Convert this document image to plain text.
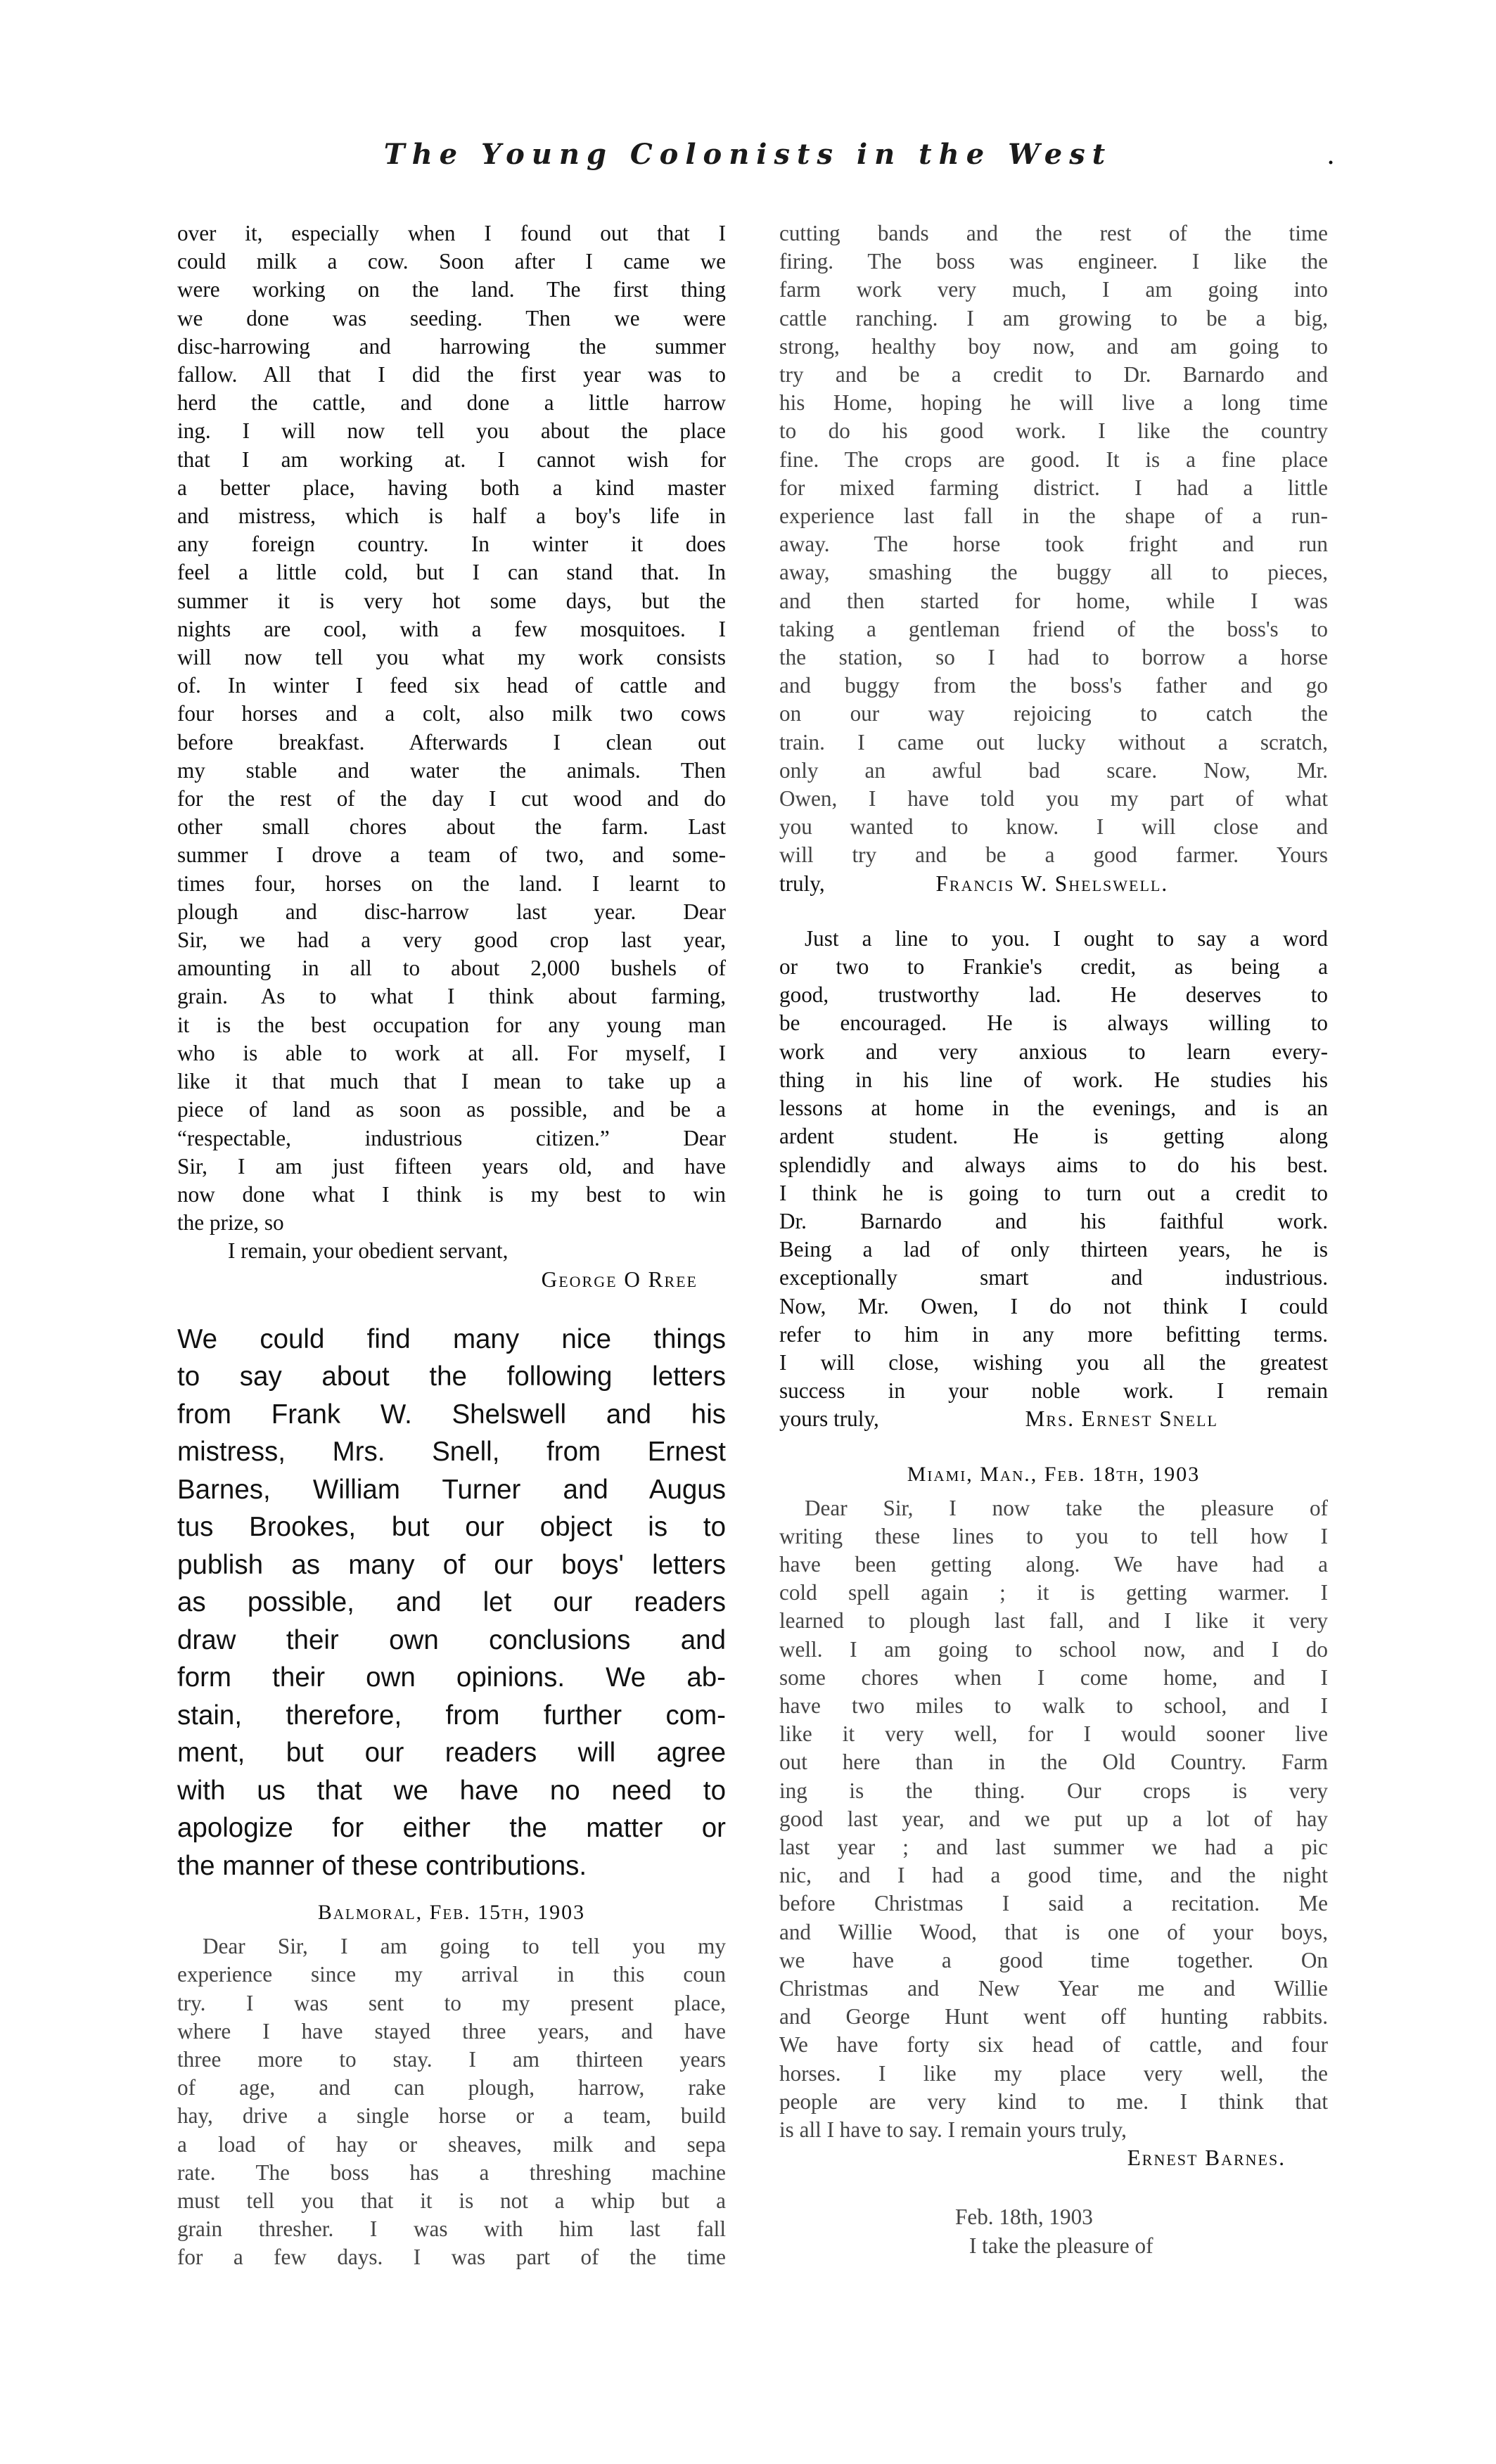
The Young Colonists in the West	.
over it, especially when I found out that I
could milk a cow. Soon after I came we
were working on the land. The first thing
we done was seeding. Then we were
disc-harrowing and harrowing the summer
fallow. All that I did the first year was to
herd the cattle, and done a little harrow
ing. I will now tell you about the place
that I am working at. I cannot wish for
a better place, having both a kind master
and mistress, which is half a boy's life in
any foreign country. In winter it does
feel a little cold, but I can stand that. In
summer it is very hot some days, but the
nights are cool, with a few mosquitoes. I
will now tell you what my work consists
of. In winter I feed six head of cattle and
four horses and a colt, also milk two cows
before breakfast. Afterwards I clean out
my stable and water the animals. Then
for the rest of the day I cut wood and do
other small chores about the farm. Last
summer I drove a team of two, and some-
times four, horses on the land. I learnt to
plough and disc-harrow last year. Dear
Sir, we had a very good crop last year,
amounting in all to about 2,000 bushels of
grain. As to what I think about farming,
it is the best occupation for any young man
who is able to work at all. For myself, I
like it that much that I mean to take up a
piece of land as soon as possible, and be a
“respectable, industrious citizen.” Dear
Sir, I am just fifteen years old, and have
now done what I think is my best to win
the prize, so
I remain, your obedient servant,
George O Rree
We could find many nice things
to say about the following letters
from Frank W. Shelswell and his
mistress, Mrs. Snell, from Ernest
Barnes, William Turner and Augus
tus Brookes, but our object is to
publish as many of our boys' letters
as possible, and let our readers
draw their own conclusions and
form their own opinions. We ab-
stain, therefore, from further com-
ment, but our readers will agree
with us that we have no need to
apologize for either the matter or
the manner of these contributions.
Balmoral, Feb. 15th, 1903
Dear Sir, I am going to tell you my
experience since my arrival in this coun
try. I was sent to my present place,
where I have stayed three years, and have
three more to stay. I am thirteen years
of age, and can plough, harrow, rake
hay, drive a single horse or a team, build
a load of hay or sheaves, milk and sepa
rate. The boss has a threshing machine
must tell you that it is not a whip but a
grain thresher. I was with him last fall
for a few days. I was part of the time
cutting bands and the rest of the time
firing. The boss was engineer. I like the
farm work very much, I am going into
cattle ranching. I am growing to be a big,
strong, healthy boy now, and am going to
try and be a credit to Dr. Barnardo and
his Home, hoping he will live a long time
to do his good work. I like the country
fine. The crops are good. It is a fine place
for mixed farming district. I had a little
experience last fall in the shape of a run-
away. The horse took fright and run
away, smashing the buggy all to pieces,
and then started for home, while I was
taking a gentleman friend of the boss's to
the station, so I had to borrow a horse
and buggy from the boss's father and go
on our way rejoicing to catch the
train. I came out lucky without a scratch,
only an awful bad scare. Now, Mr.
Owen, I have told you my part of what
you wanted to know. I will close and
will try and be a good farmer. Yours
truly,	Francis W. Shelswell.
Just a line to you. I ought to say a word
or two to Frankie's credit, as being a
good, trustworthy lad. He deserves to
be encouraged. He is always willing to
work and very anxious to learn every-
thing in his line of work. He studies his
lessons at home in the evenings, and is an
ardent student. He is getting along
splendidly and always aims to do his best.
I think he is going to turn out a credit to
Dr. Barnardo and his faithful work.
Being a lad of only thirteen years, he is
exceptionally smart and industrious.
Now, Mr. Owen, I do not think I could
refer to him in any more befitting terms.
I will close, wishing you all the greatest
success in your noble work. I remain
yours truly,	Mrs. Ernest Snell
Miami, Man., Feb. 18th, 1903
Dear Sir, I now take the pleasure of
writing these lines to you to tell how I
have been getting along. We have had a
cold spell again ; it is getting warmer. I
learned to plough last fall, and I like it very
well. I am going to school now, and I do
some chores when I come home, and I
have two miles to walk to school, and I
like it very well, for I would sooner live
out here than in the Old Country. Farm
ing is the thing. Our crops is very
good last year, and we put up a lot of hay
last year ; and last summer we had a pic
nic, and I had a good time, and the night
before Christmas I said a recitation. Me
and Willie Wood, that is one of your boys,
we have a good time together. On
Christmas and New Year me and Willie
and George Hunt went off hunting rabbits.
We have forty six head of cattle, and four
horses. I like my place very well, the
people are very kind to me. I think that
is all I have to say. I remain yours truly,
Ernest Barnes.
Feb. 18th, 1903
I take the pleasure of
